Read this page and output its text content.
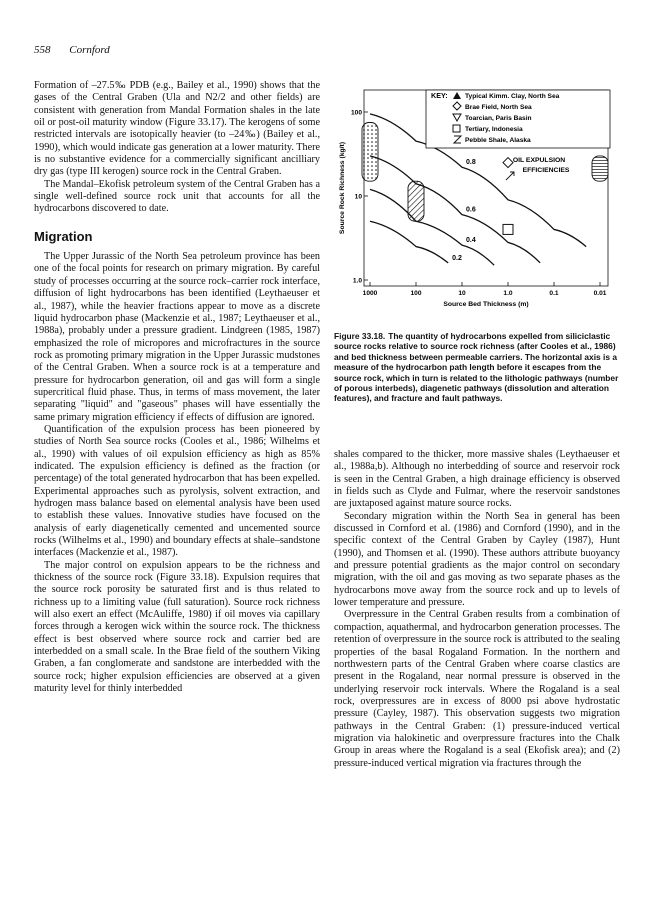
558 Cornford

Formation of –27.5‰ PDB (e.g., Bailey et al., 1990) shows that the gases of the Central Graben (Ula and N2/2 and other fields) are consistent with generation from Mandal Formation shales in the late oil or post-oil maturity window (Figure 33.17). The kerogens of some restricted intervals are isotopically heavier (to –24‰) (Bailey et al., 1990), which would indicate gas generation at a lower maturity. There is no substantive evidence for a commercially significant ancilliary dry gas (type III kerogen) source rock in the Central Graben.

The Mandal–Ekofisk petroleum system of the Central Graben has a single well-defined source rock unit that accounts for all the hydrocarbons discovered to date.

Migration

The Upper Jurassic of the North Sea petroleum province has been one of the focal points for research on primary migration. By careful study of processes occurring at the source rock–carrier rock interface, diffusion of light hydrocarbons has been identified (Leythaeuser et al., 1987), while the heavier fractions appear to move as a discrete liquid hydrocarbon phase (Mackenzie et al., 1987; Leythaeuser et al., 1988a), probably under a pressure gradient. Lindgreen (1985, 1987) emphasized the role of micropores and microfractures in the source rock as promoting primary migration in the Upper Jurassic mudstones of the Central Graben. When a source rock is at a temperature and pressure for hydrocarbon generation, oil and gas will form a single supercritical fluid phase. Thus, in terms of mass movement, the later separating "liquid" and "gaseous" phases will have essentially the same primary migration efficiency if effects of diffusion are ignored.

Quantification of the expulsion process has been pioneered by studies of North Sea source rocks (Cooles et al., 1986; Wilhelms et al., 1990) with values of oil expulsion efficiency as high as 85% indicated. The expulsion efficiency is defined as the fraction (or percentage) of the total generated hydrocarbon that has been expelled. Experimental approaches such as pyrolysis, solvent extraction, and hydrogen mass balance based on elemental analysis have been used to establish these values. Innovative studies have focused on the analysis of early diagenetically cemented and uncemented source rocks (Wilhelms et al., 1990) and boundary effects at shale–sandstone interfaces (Mackenzie et al., 1987).

The major control on expulsion appears to be the richness and thickness of the source rock (Figure 33.18). Expulsion requires that the source rock porosity be saturated first and is thus related to richness up to a limiting value (full saturation). Source rock richness will also exert an effect (McAuliffe, 1980) if oil moves via capillary forces through a kerogen wick within the source rock. The thickness effect is best observed where source rock and carrier bed are interbedded on a small scale. In the Brae field of the southern Viking Graben, a fan conglomerate and sandstone are interbedded with the source rock; higher expulsion efficiencies are observed at a given maturity level for thinly interbedded

1000	100	10	1.0	0.1	0.01
100
10
1.0
0.2
0.4
0.6
0.8
KEY:	Typical Kimm. Clay, North Sea
Brae Field, North Sea
Toarcian, Paris Basin
Tertiary, Indonesia
Pebble Shale, Alaska
OIL EXPULSION
EFFICIENCIES
Source Bed Thickness (m)
Source Rock Richness (kg/t)
Figure 33.18. The quantity of hydrocarbons expelled from siliciclastic source rocks relative to source rock richness (after Cooles et al., 1986) and bed thickness between permeable carriers. The horizontal axis is a measure of the hydrocarbon path length before it escapes from the source rock, which in turn is related to the lithologic pathways (number of porous interbeds), diagenetic pathways (dissolution and alteration features), and fracture and fault pathways.

shales compared to the thicker, more massive shales (Leythaeuser et al., 1988a,b). Although no interbedding of source and reservoir rock is seen in the Central Graben, a high drainage efficiency is observed in fields such as Clyde and Fulmar, where the reservoir sandstones are juxtaposed against mature source rocks.

Secondary migration within the North Sea in general has been discussed in Cornford et al. (1986) and Cornford (1990), and in the specific context of the Central Graben by Cayley (1987), Hunt (1990), and Thomsen et al. (1990). These authors attribute buoyancy and pressure potential gradients as the major control on secondary migration, with the oil and gas moving as two separate phases as the hydrocarbons move away from the source rock and up to levels of lower temperature and pressure.

Overpressure in the Central Graben results from a combination of compaction, aquathermal, and hydrocarbon generation processes. The retention of overpressure in the source rock is attributed to the sealing properties of the basal Rogaland Formation. In the northern and northwestern parts of the Central Graben where coarse clastics are present in the Rogaland, near normal pressure is observed in the underlying reservoir rock intervals. Where the Rogaland is a seal rock, overpressures are in excess of 8000 psi above hydrostatic pressure (Cayley, 1987). This observation suggests two migration pathways in the Central Graben: (1) pressure-induced vertical migration via halokinetic and overpressure fractures into the Chalk Group in areas where the Rogaland is a seal (Ekofisk area); and (2) pressure-induced vertical migration via fractures through the
